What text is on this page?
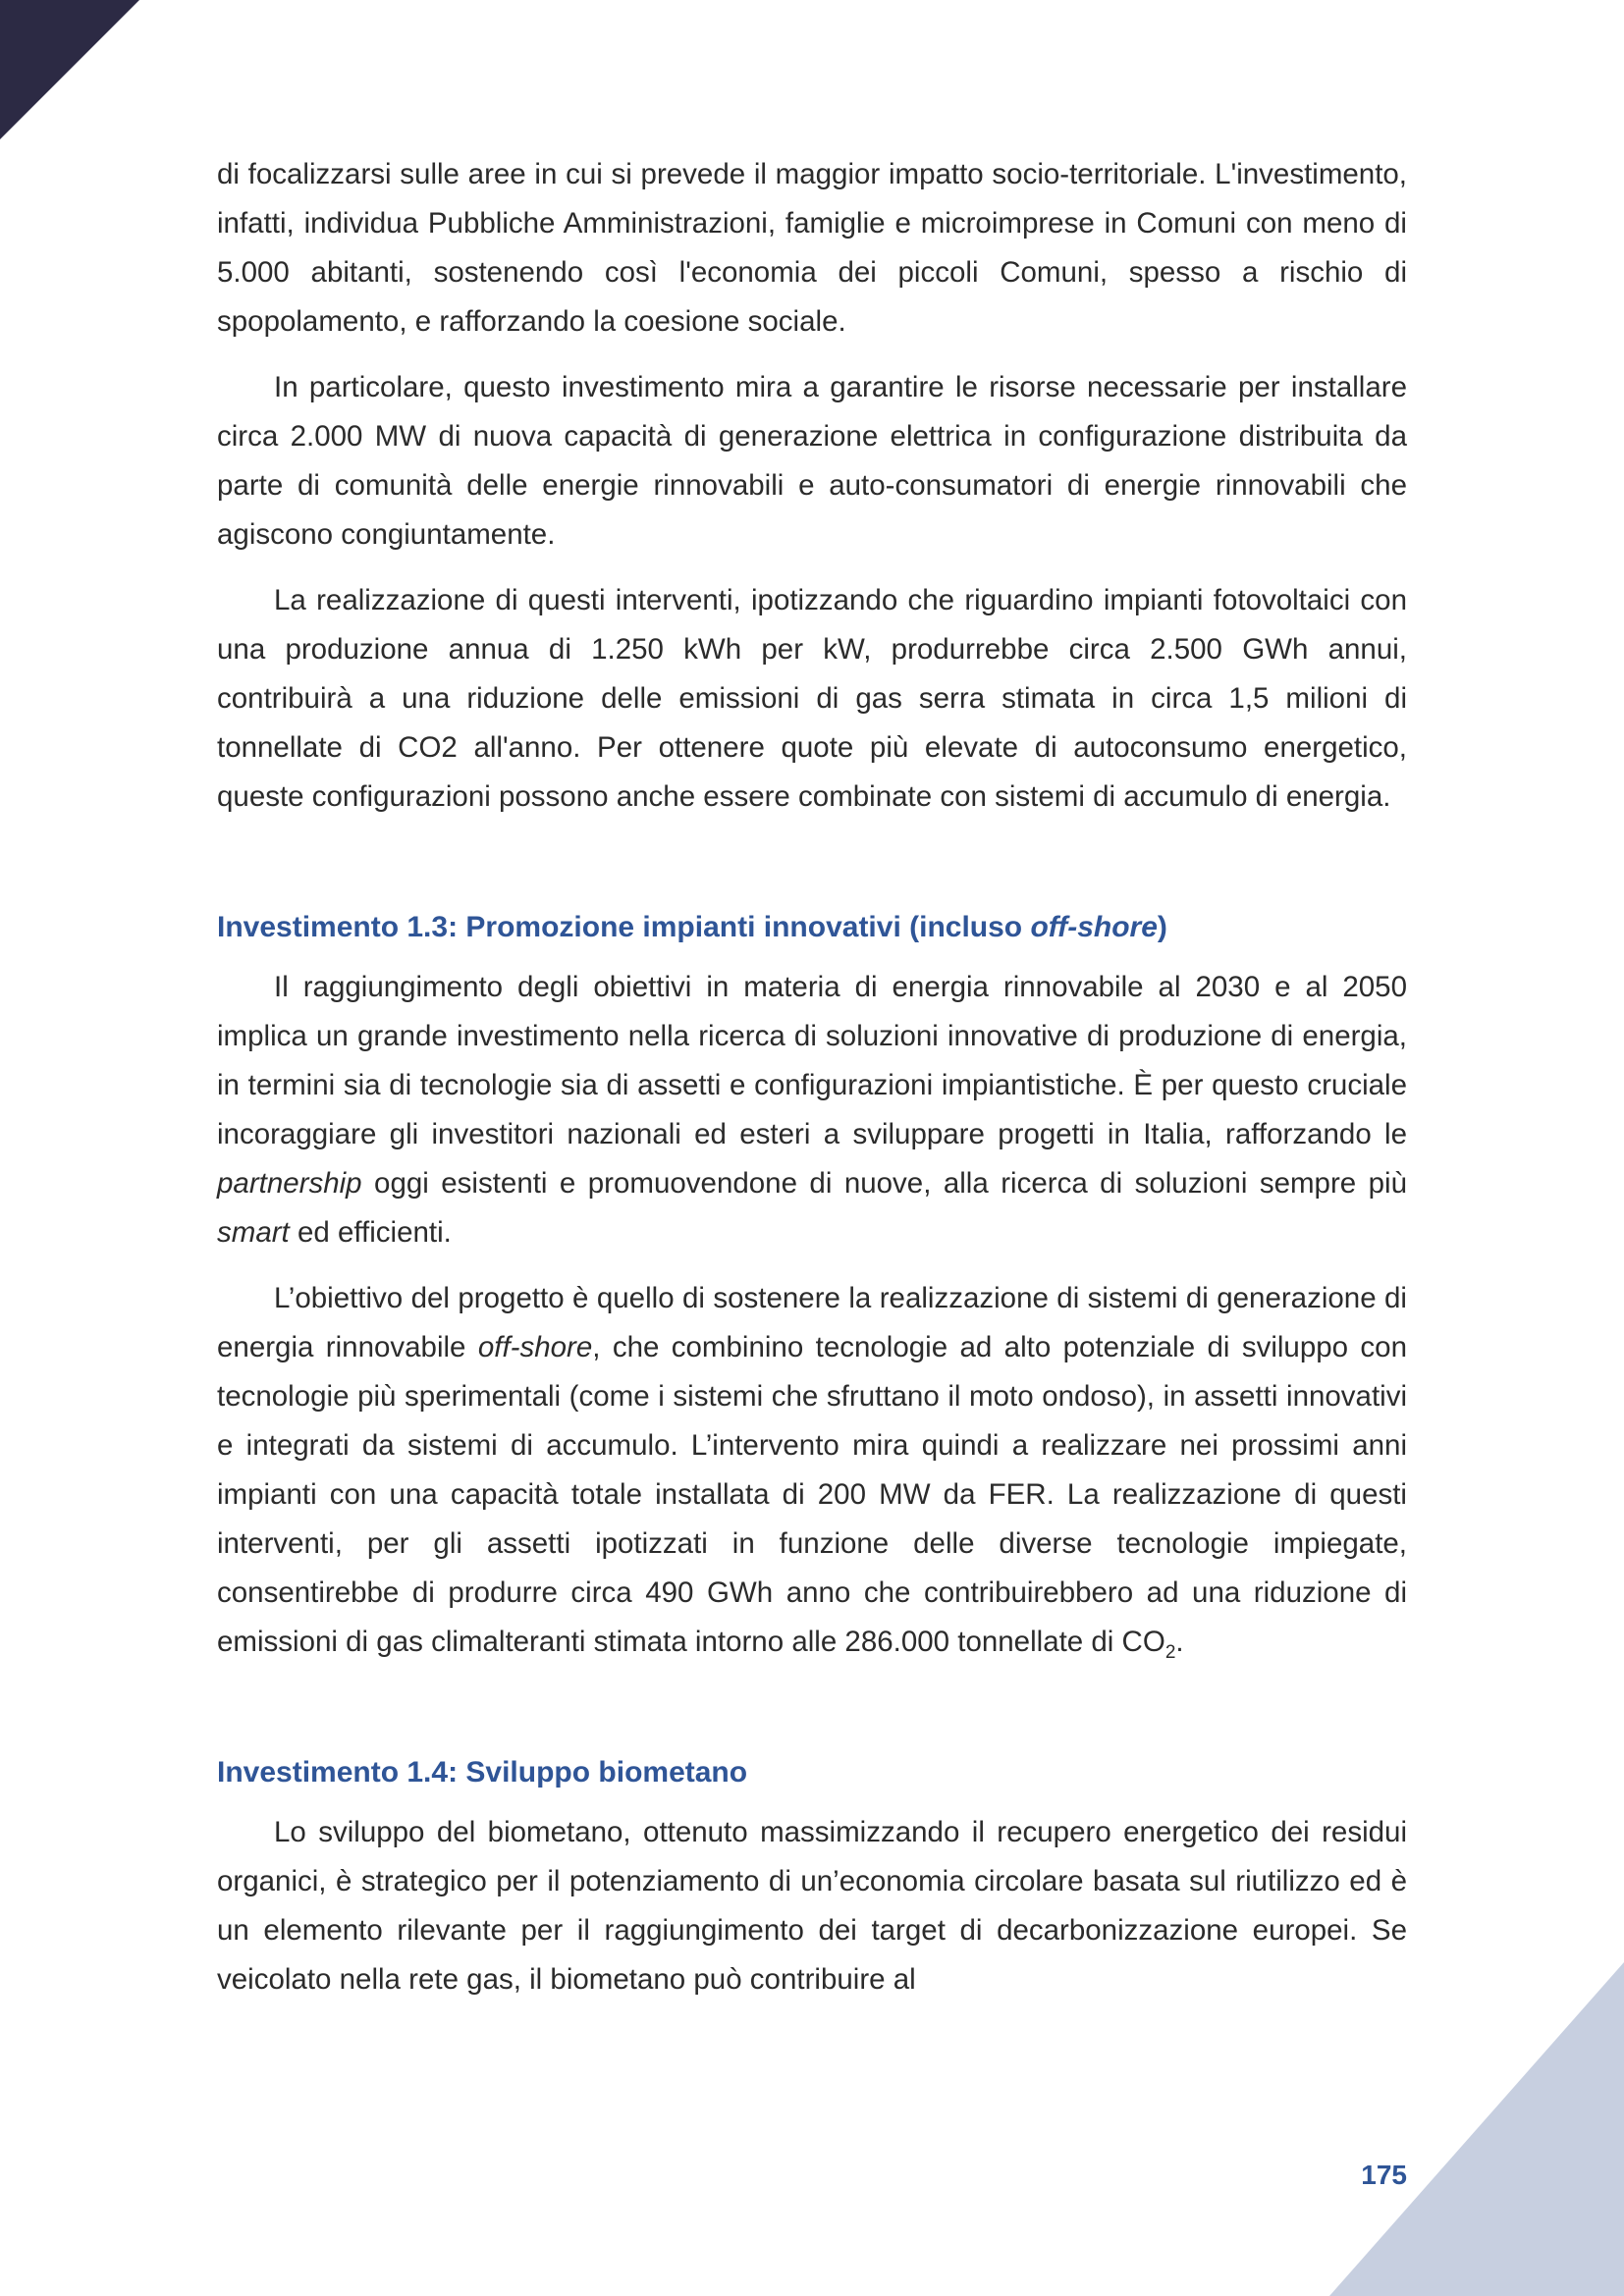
di focalizzarsi sulle aree in cui si prevede il maggior impatto socio-territoriale. L'investimento, infatti, individua Pubbliche Amministrazioni, famiglie e microimprese in Comuni con meno di 5.000 abitanti, sostenendo così l'economia dei piccoli Comuni, spesso a rischio di spopolamento, e rafforzando la coesione sociale.

In particolare, questo investimento mira a garantire le risorse necessarie per installare circa 2.000 MW di nuova capacità di generazione elettrica in configurazione distribuita da parte di comunità delle energie rinnovabili e auto-consumatori di energie rinnovabili che agiscono congiuntamente.

La realizzazione di questi interventi, ipotizzando che riguardino impianti fotovoltaici con una produzione annua di 1.250 kWh per kW, produrrebbe circa 2.500 GWh annui, contribuirà a una riduzione delle emissioni di gas serra stimata in circa 1,5 milioni di tonnellate di CO2 all'anno. Per ottenere quote più elevate di autoconsumo energetico, queste configurazioni possono anche essere combinate con sistemi di accumulo di energia.

Investimento 1.3: Promozione impianti innovativi (incluso off-shore)

Il raggiungimento degli obiettivi in materia di energia rinnovabile al 2030 e al 2050 implica un grande investimento nella ricerca di soluzioni innovative di produzione di energia, in termini sia di tecnologie sia di assetti e configurazioni impiantistiche. È per questo cruciale incoraggiare gli investitori nazionali ed esteri a sviluppare progetti in Italia, rafforzando le partnership oggi esistenti e promuovendone di nuove, alla ricerca di soluzioni sempre più smart ed efficienti.

L’obiettivo del progetto è quello di sostenere la realizzazione di sistemi di generazione di energia rinnovabile off-shore, che combinino tecnologie ad alto potenziale di sviluppo con tecnologie più sperimentali (come i sistemi che sfruttano il moto ondoso), in assetti innovativi e integrati da sistemi di accumulo. L’intervento mira quindi a realizzare nei prossimi anni impianti con una capacità totale installata di 200 MW da FER. La realizzazione di questi interventi, per gli assetti ipotizzati in funzione delle diverse tecnologie impiegate, consentirebbe di produrre circa 490 GWh anno che contribuirebbero ad una riduzione di emissioni di gas climalteranti stimata intorno alle 286.000 tonnellate di $CO_2$.

Investimento 1.4: Sviluppo biometano

Lo sviluppo del biometano, ottenuto massimizzando il recupero energetico dei residui organici, è strategico per il potenziamento di un’economia circolare basata sul riutilizzo ed è un elemento rilevante per il raggiungimento dei target di decarbonizzazione europei. Se veicolato nella rete gas, il biometano può contribuire al

175
